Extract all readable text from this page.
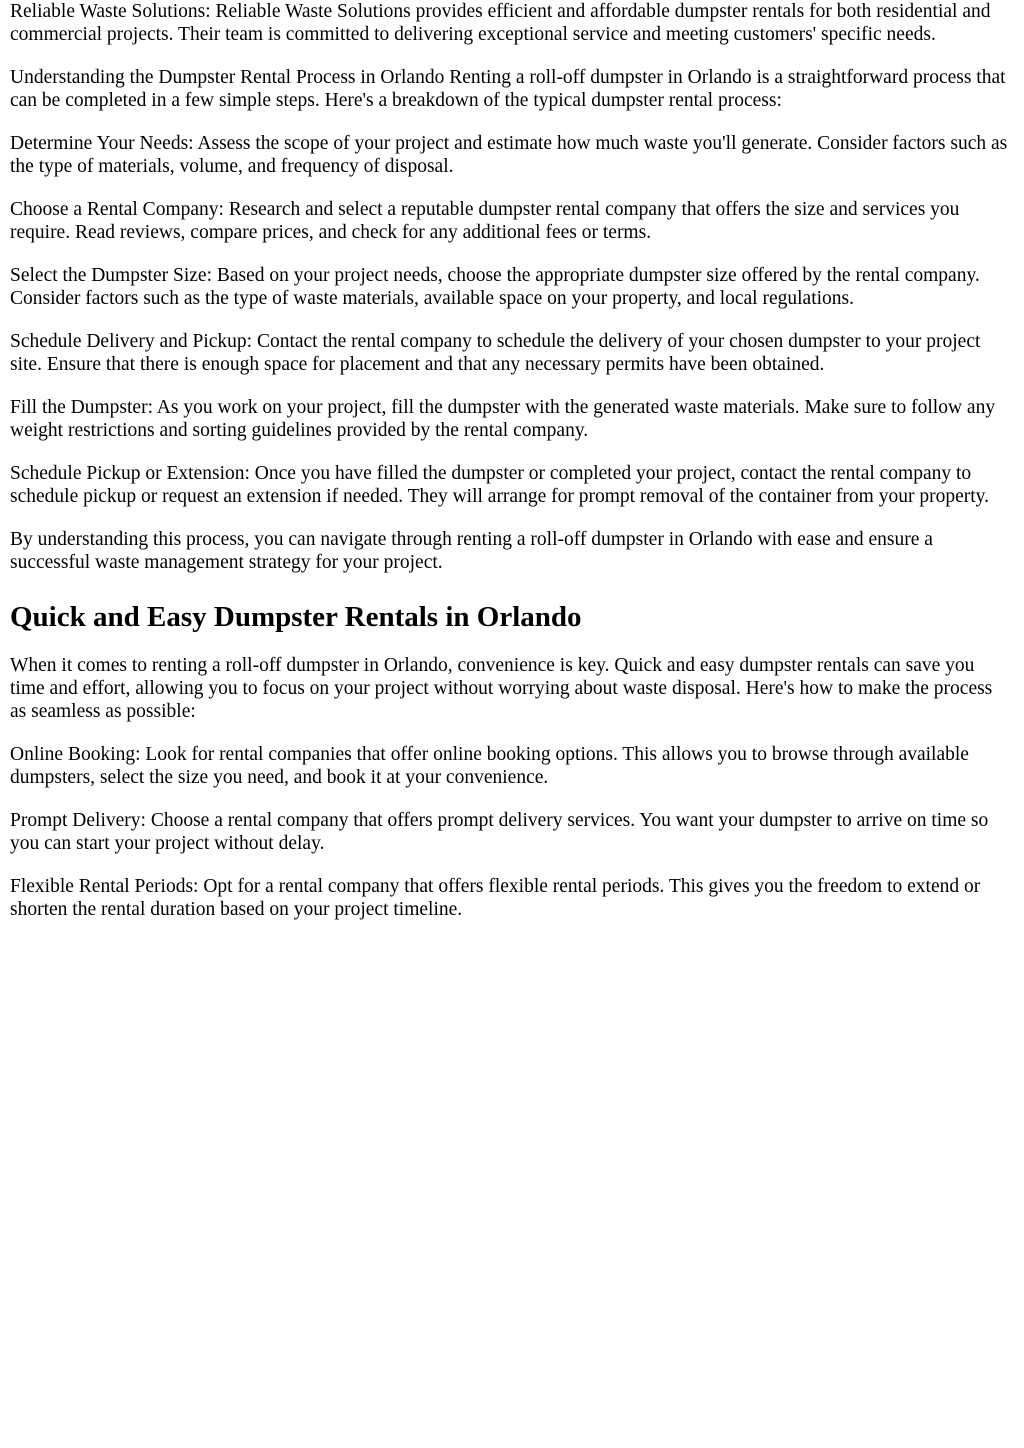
Reliable Waste Solutions: Reliable Waste Solutions provides efficient and affordable dumpster rentals for both residential and commercial projects. Their team is committed to delivering exceptional service and meeting customers' specific needs.

Understanding the Dumpster Rental Process in Orlando Renting a roll-off dumpster in Orlando is a straightforward process that can be completed in a few simple steps. Here's a breakdown of the typical dumpster rental process:

Determine Your Needs: Assess the scope of your project and estimate how much waste you'll generate. Consider factors such as the type of materials, volume, and frequency of disposal.

Choose a Rental Company: Research and select a reputable dumpster rental company that offers the size and services you require. Read reviews, compare prices, and check for any additional fees or terms.

Select the Dumpster Size: Based on your project needs, choose the appropriate dumpster size offered by the rental company. Consider factors such as the type of waste materials, available space on your property, and local regulations.

Schedule Delivery and Pickup: Contact the rental company to schedule the delivery of your chosen dumpster to your project site. Ensure that there is enough space for placement and that any necessary permits have been obtained.

Fill the Dumpster: As you work on your project, fill the dumpster with the generated waste materials. Make sure to follow any weight restrictions and sorting guidelines provided by the rental company.

Schedule Pickup or Extension: Once you have filled the dumpster or completed your project, contact the rental company to schedule pickup or request an extension if needed. They will arrange for prompt removal of the container from your property.

By understanding this process, you can navigate through renting a roll-off dumpster in Orlando with ease and ensure a successful waste management strategy for your project.

Quick and Easy Dumpster Rentals in Orlando

When it comes to renting a roll-off dumpster in Orlando, convenience is key. Quick and easy dumpster rentals can save you time and effort, allowing you to focus on your project without worrying about waste disposal. Here's how to make the process as seamless as possible:

Online Booking: Look for rental companies that offer online booking options. This allows you to browse through available dumpsters, select the size you need, and book it at your convenience.

Prompt Delivery: Choose a rental company that offers prompt delivery services. You want your dumpster to arrive on time so you can start your project without delay.

Flexible Rental Periods: Opt for a rental company that offers flexible rental periods. This gives you the freedom to extend or shorten the rental duration based on your project timeline.
